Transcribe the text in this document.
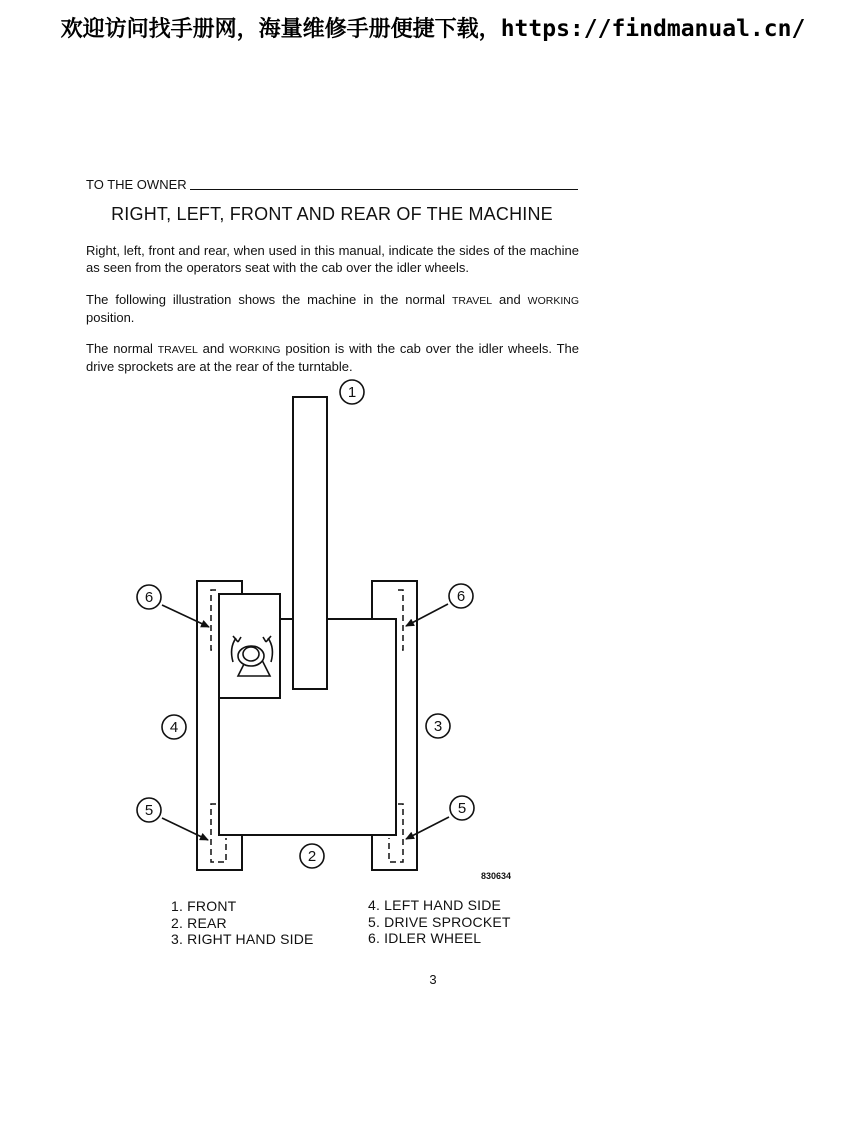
欢迎访问找手册网，海量维修手册便捷下载，https://findmanual.cn/
TO THE OWNER
RIGHT, LEFT, FRONT AND REAR OF THE MACHINE

Right, left, front and rear, when used in this manual, indicate the sides of the machine as seen from the operators seat with the cab over the idler wheels.

The following illustration shows the machine in the normal TRAVEL and WORKING position.

The normal TRAVEL and WORKING position is with the cab over the idler wheels. The drive sprockets are at the rear of the turntable.

1
6	6
4	3
5	5
2
830634
1. FRONT
2. REAR
3. RIGHT HAND SIDE
4. LEFT HAND SIDE
5. DRIVE SPROCKET
6. IDLER WHEEL
3
